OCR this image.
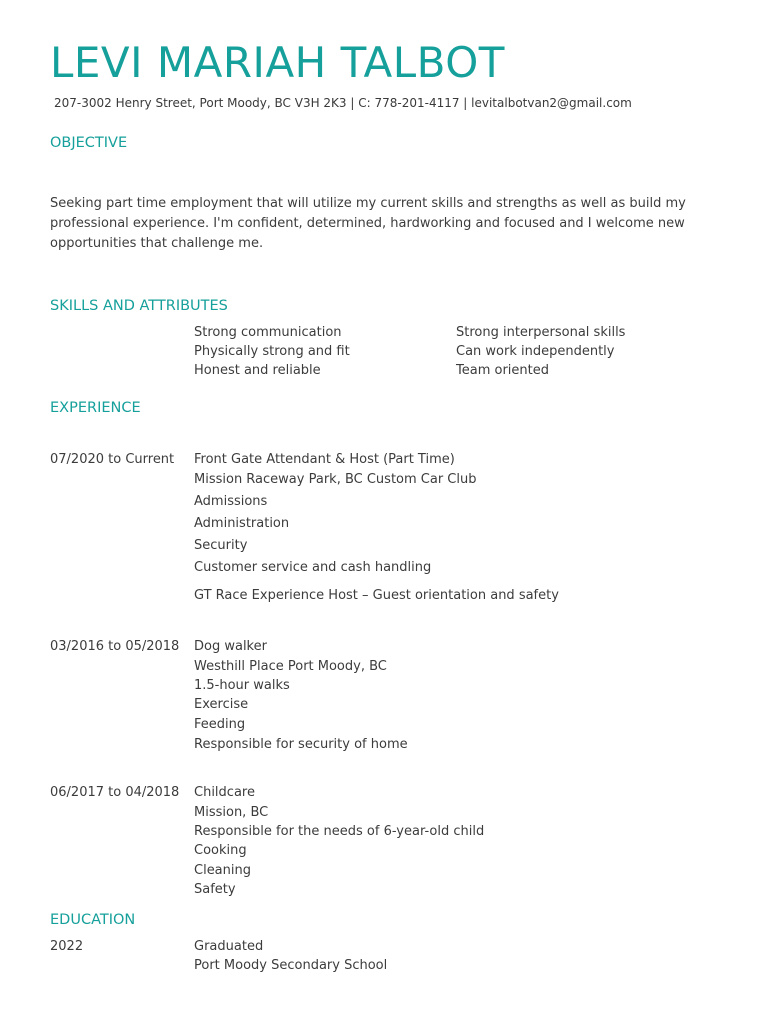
LEVI MARIAH TALBOT
207-3002 Henry Street, Port Moody, BC V3H 2K3 | C: 778-201-4117 | levitalbotvan2@gmail.com
OBJECTIVE
Seeking part time employment that will utilize my current skills and strengths as well as build my
professional experience. I'm confident, determined, hardworking and focused and I welcome new
opportunities that challenge me.
SKILLS AND ATTRIBUTES
Strong communication
Physically strong and fit
Honest and reliable
Strong interpersonal skills
Can work independently
Team oriented
EXPERIENCE
07/2020 to Current Front Gate Attendant & Host (Part Time)
Mission Raceway Park, BC Custom Car Club
Admissions
Administration
Security
Customer service and cash handling
GT Race Experience Host – Guest orientation and safety
03/2016 to 05/2018 Dog walker
Westhill Place Port Moody, BC
1.5-hour walks
Exercise
Feeding
Responsible for security of home
06/2017 to 04/2018 Childcare
Mission, BC
Responsible for the needs of 6-year-old child
Cooking
Cleaning
Safety
EDUCATION
2022	Graduated
Port Moody Secondary School
